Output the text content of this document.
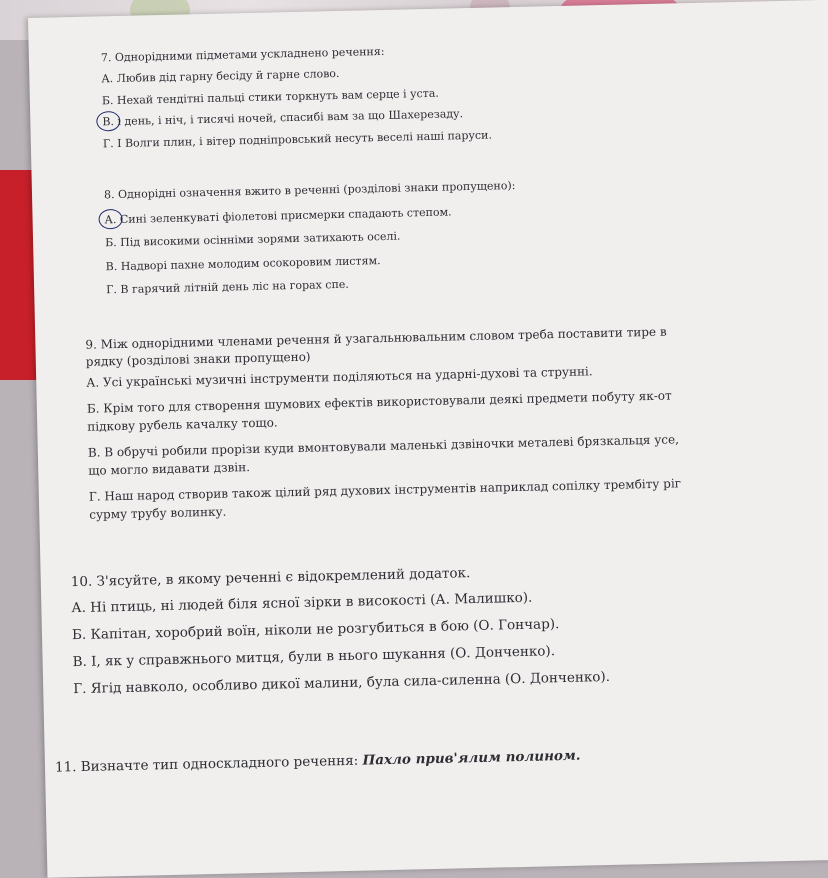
7. Однорідними підметами ускладнено речення:
А. Любив дід гарну бесіду й гарне слово.
Б. Нехай тендітні пальці стики торкнуть вам серце і уста.
В. і день, і ніч, і тисячі ночей, спасибі вам за що Шахерезаду.
Г. І Волги плин, і вітер подніпровський несуть веселі наші паруси.
8. Однорідні означення вжито в реченні (розділові знаки пропущено):
А. Сині зеленкуваті фіолетові присмерки спадають степом.
Б. Під високими осінніми зорями затихають оселі.
В. Надворі пахне молодим осокоровим листям.
Г. В гарячий літній день ліс на горах спе.
9. Між однорідними членами речення й узагальнювальним словом треба поставити тире в
рядку (розділові знаки пропущено)
А. Усі українські музичні інструменти поділяються на ударні-духові та струнні.
Б. Крім того для створення шумових ефектів використовували деякі предмети побуту як-от
підкову рубель качалку тощо.
В. В обручі робили прорізи куди вмонтовували маленькі дзвіночки металеві брязкальця усе,
що могло видавати дзвін.
Г. Наш народ створив також цілий ряд духових інструментів наприклад сопілку трембіту ріг
сурму трубу волинку.
10. З'ясуйте, в якому реченні є відокремлений додаток.
А. Ні птиць, ні людей біля ясної зірки в високості (А. Малишко).
Б. Капітан, хоробрий воїн, ніколи не розгубиться в бою (О. Гончар).
В. І, як у справжнього митця, були в нього шукання (О. Донченко).
Г. Ягід навколо, особливо дикої малини, була сила-силенна (О. Донченко).
11. Визначте тип односкладного речення: Пахло прив'ялим полином.
